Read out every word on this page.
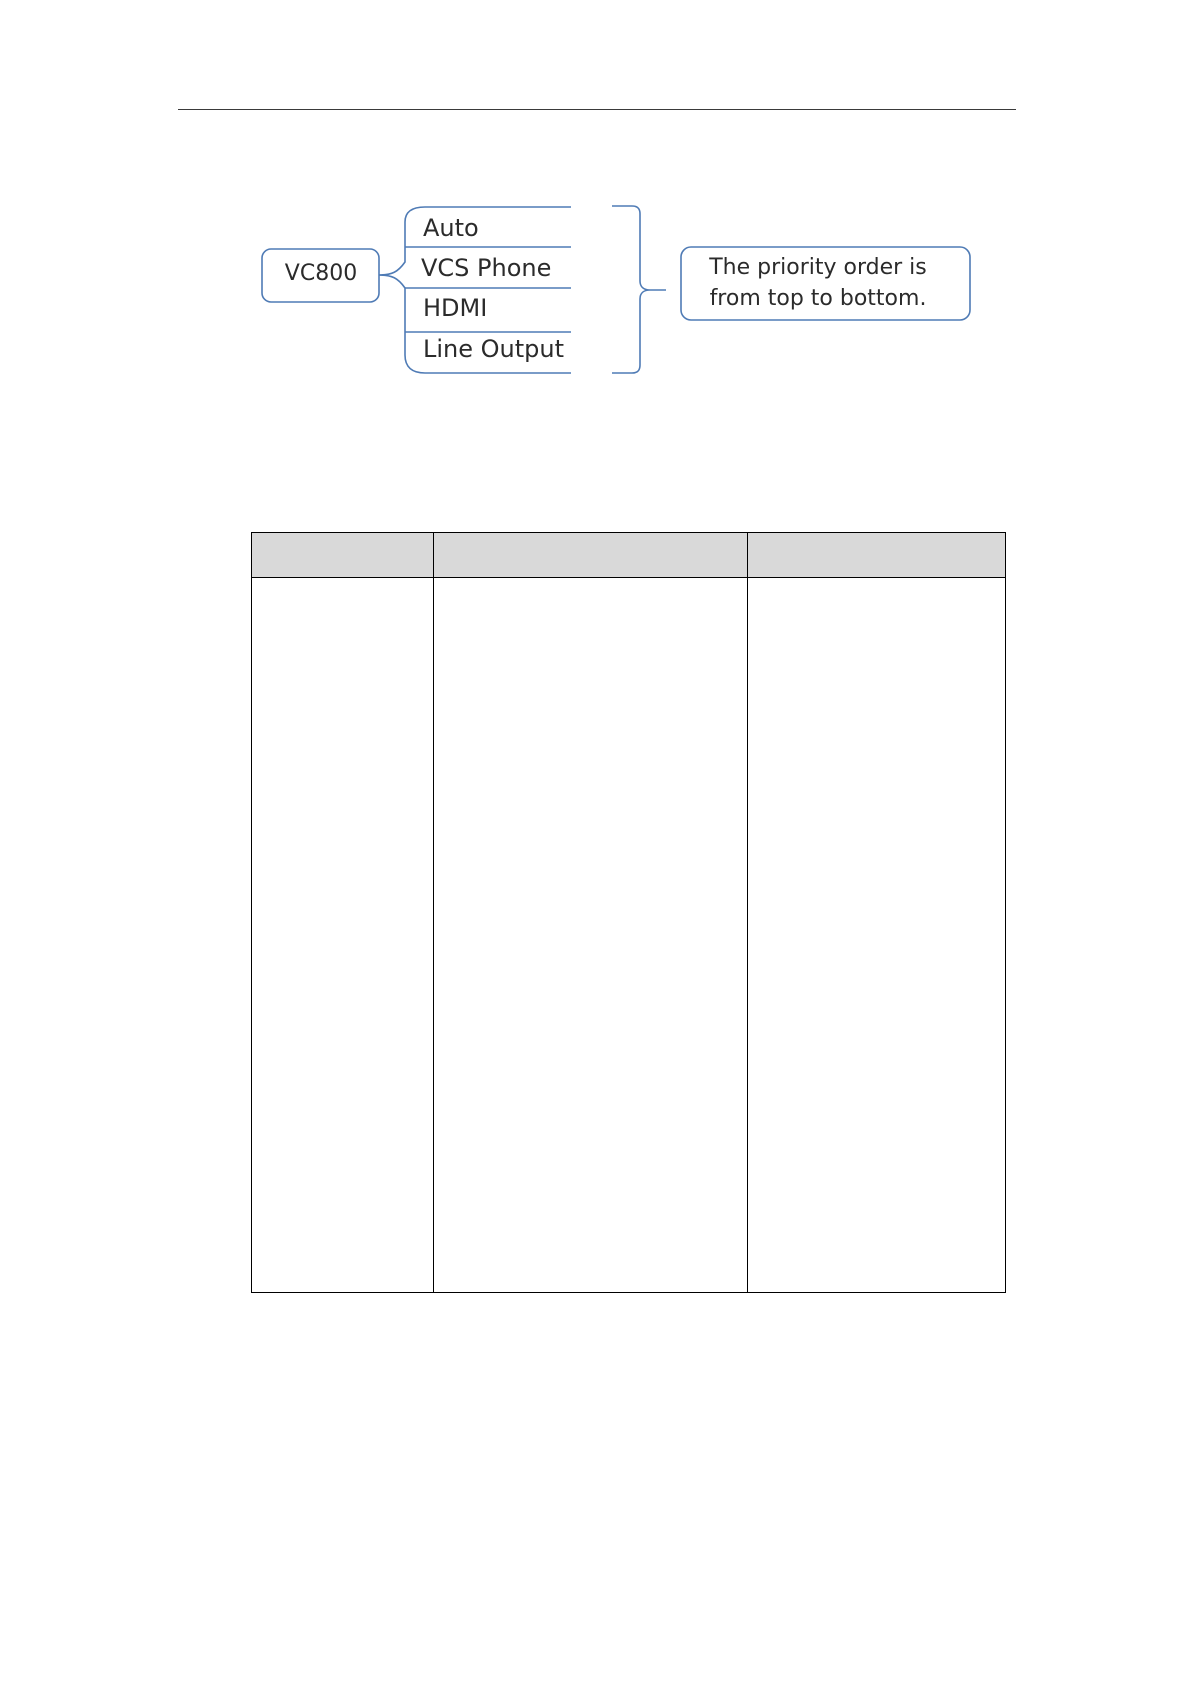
VC800
Auto
VCS Phone
HDMI
Line Output
The priority order is
from top to bottom.
